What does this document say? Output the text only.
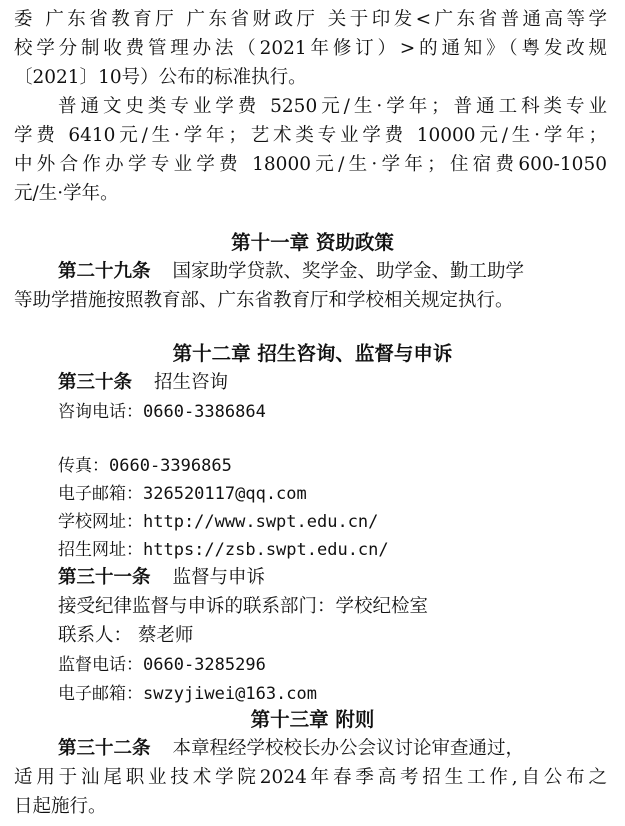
委 广东省教育厅 广东省财政厅 关于印发<广东省普通高等学
校学分制收费管理办法（2021年修订）>的通知》（粤发改规
〔2021〕10号）公布的标准执行。
普通文史类专业学费 5250元/生·学年；普通工科类专业
学费 6410元/生·学年；艺术类专业学费 10000元/生·学年；
中外合作办学专业学费 18000元/生·学年；住宿费600-1050
元/生·学年。
第十一章 资助政策
第二十九条 国家助学贷款、奖学金、助学金、勤工助学
等助学措施按照教育部、广东省教育厅和学校相关规定执行。
第十二章 招生咨询、监督与申诉
第三十条 招生咨询
咨询电话：0660-3386864
传真：0660-3396865
电子邮箱：326520117@qq.com
学校网址：http://www.swpt.edu.cn/
招生网址：https://zsb.swpt.edu.cn/
第三十一条 监督与申诉
接受纪律监督与申诉的联系部门：学校纪检室
联系人： 蔡老师
监督电话：0660-3285296
电子邮箱：swzyjiwei@163.com
第十三章 附则
第三十二条 本章程经学校校长办公会议讨论审查通过，
适用于汕尾职业技术学院2024年春季高考招生工作,自公布之
日起施行。
